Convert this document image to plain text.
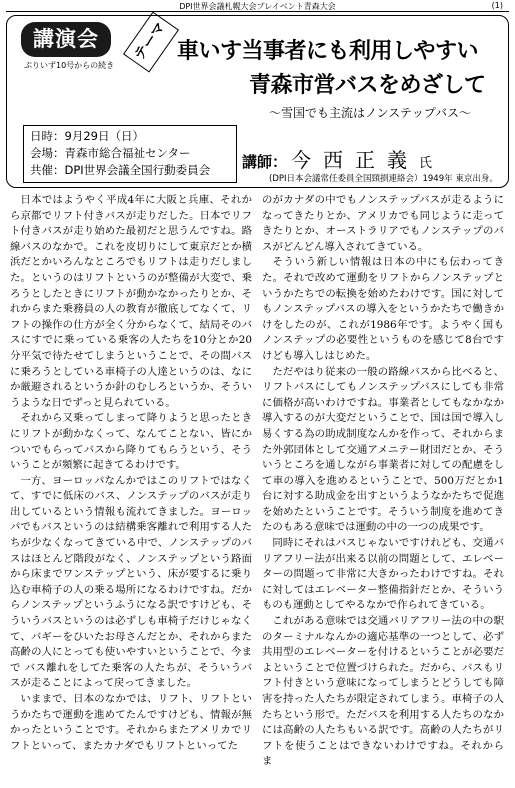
DPI世界会議札幌大会プレイベント青森大会	(1)
講演会
ぷりいず10号からの続き
テーマ 車いす当事者にも利用しやすい
青森市営バスをめざして
～雪国でも主流はノンステップバス～
日時：9月29日（日）
会場：青森市総合福祉センター
共催：DPI世界会議全国行動委員会	講師： 今西正義氏
(DPI日本会議常任委員全国頸損連絡会）1949年 東京出身。

日本ではようやく平成4年に大阪と兵庫、それから京都でリフト付きバスが走りだした。日本でリフト付きバスが走り始めた最初だと思うんですね。路線バスのなかで。これを皮切りにして東京だとか横浜だとかいろんなところでもリフトは走りだしました。というのはリフトというのが整備が大変で、乗ろうとしたときにリフトが動かなかったりとか、それからまた乗務員の人の教育が徹底してなくて、リフトの操作の仕方が全く分からなくて、結局そのバスにすでに乗っている乗客の人たちを10分とか20分平気で待たせてしまうということで、その間バスに乗ろうとしている車椅子の人達というのは、なにか厳避されるというか針のむしろというか、そういうような日でずっと見られている。

それから又乗ってしまって降りようと思ったときにリフトが動かなくって、なんてことない、皆にかついでもらってバスから降りてもらうという、そういうことが頻繁に起きてるわけです。

一方、ヨーロッパなんかではこのリフトではなくて、すでに低床のバス、ノンステップのバスが走り出しているという情報も流れてきました。ヨーロッパでもバスというのは結構乗客離れで利用する人たちが少なくなってきている中で、ノンステップのバスはほとんど階段がなく、ノンステップという路面から床までワンステップという、床が要するに乗り込む車椅子の人の乗る場所になるわけですね。だからノンステップというふうになる訳ですけども、そういうバスというのは必ずしも車椅子だけじゃなくて、バギーをひいたお母さんだとか、それからまた高齢の人にとっても使いやすいということで、今まで バス離れをしてた乗客の人たちが、そういうバスが走ることによって戻ってきました。

いままで、日本のなかでは、リフト、リフトというかたちで運動を進めてたんですけども、情報が無かったということです。それからまたアメリカでリフトといって、またカナダでもリフトといってた

のがカナダの中でもノンステップバスが走るようになってきたりとか、アメリカでも同じように走ってきたりとか、オーストラリアでもノンステップのバスがどんどん導入されてきている。

そういう新しい情報は日本の中にも伝わってきた。それで改めて運動をリフトからノンステップというかたちでの転換を始めたわけです。国に対してもノンステップバスの導入をというかたちで働きかけをしたのが、これが1986年です。ようやく国もノンステップの必要性というものを感じて8台ですけども導入しはじめた。

ただやはり従来の一般の路線バスから比べると、リフトバスにしてもノンステップバスにしても非常に価格が高いわけですね。事業者としてもなかなか導入するのが大変だということで、国は国で導入し易くする為の助成制度なんかを作って、それからまた外郭団体として交通アメニテー財団だとか、そういうところを通しながら事業者に対しての配慮をして車の導入を進めるということで、500万だとか1台に対する助成金を出すというようなかたちで促進を始めたということです。そういう制度を進めてきたのもある意味では運動の中の一つの成果です。

同時にそれはバスじゃないですけれども、交通バリアフリー法が出来る以前の問題として、エレベーターの問題って非常に大きかったわけですね。それに対してはエレベーター整備指針だとか、そういうものも運動としてやるなかで作られてきている。

これがある意味では交通バリアフリー法の中の駅のターミナルなんかの適応基準の一つとして、必ず共用型のエレベーターを付けるということが必要だよということで位置づけられた。だから、バスもリフト付きという意味になってしまうとどうしても障害を持った人たちが限定されてしまう。車椅子の人たちという形で。ただバスを利用する人たちのなかには高齢の人たちもいる訳です。高齢の人たちがリフトを使うことはできないわけですね。それから ま
